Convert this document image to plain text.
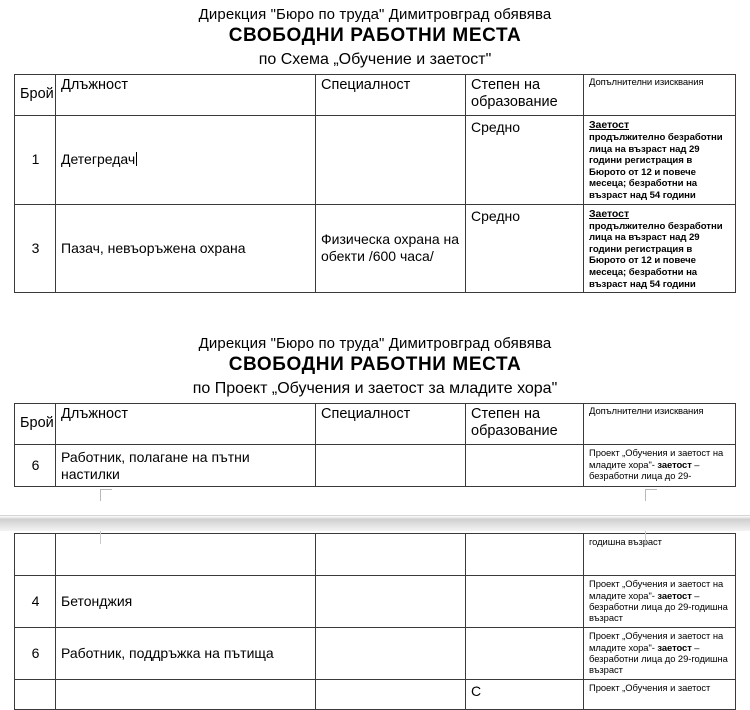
Дирекция "Бюро по труда" Димитровград обявява
СВОБОДНИ РАБОТНИ МЕСТА
по Схема „Обучение и заетост"
Брой	Длъжност	Специалност	Степен на образование	Допълнителни изисквания
1	Детегредач		Средно	Заетост
продължително безработни лица на възраст над 29 години регистрация в Бюрото от 12 и повече месеца; безработни на възраст над 54 години

3	Пазач, невъоръжена охрана	Физическа охрана на обекти /600 часа/	Средно	Заетост
продължително безработни лица на възраст над 29 години регистрация в Бюрото от 12 и повече месеца; безработни на възраст над 54 години
Дирекция "Бюро по труда" Димитровград обявява
СВОБОДНИ РАБОТНИ МЕСТА
по Проект „Обучения и заетост за младите хора"
Брой	Длъжност	Специалност	Степен на образование	Допълнителни изисквания
6	Работник, полагане на пътни настилки			Проект „Обучения и заетост на младите хора"- заетост – безработни лица до 29-
				годишна възраст
4	Бетонджия			Проект „Обучения и заетост на младите хора"- заетост – безработни лица до 29-годишна възраст
6	Работник, поддръжка на пътища			Проект „Обучения и заетост на младите хора"- заетост – безработни лица до 29-годишна възраст
			С	Проект „Обучения и заетост
